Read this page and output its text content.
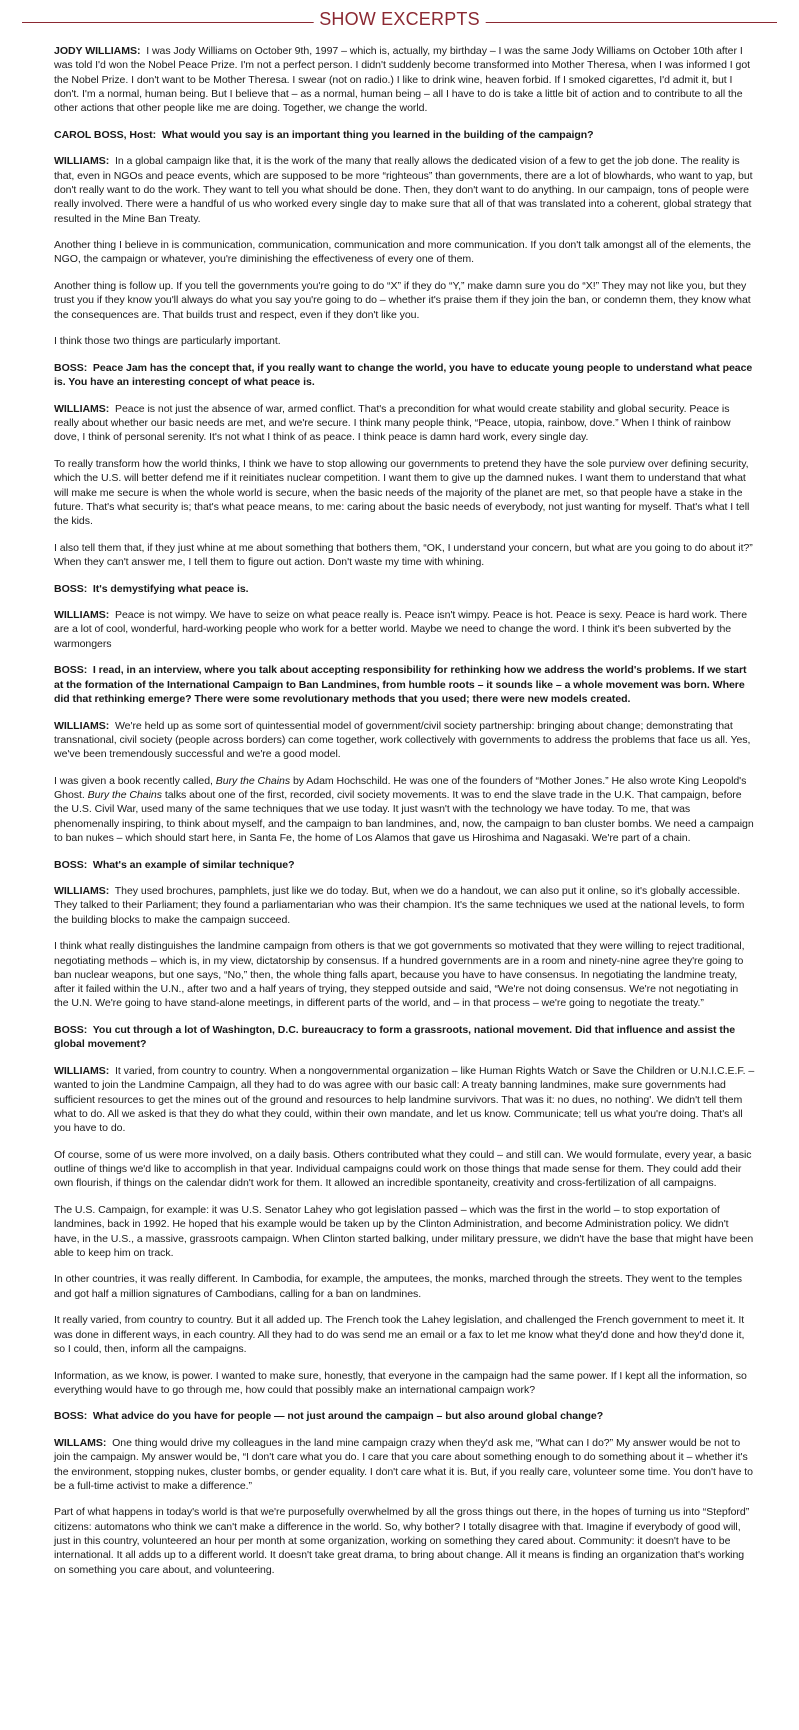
SHOW EXCERPTS

JODY WILLIAMS: I was Jody Williams on October 9th, 1997 – which is, actually, my birthday – I was the same Jody Williams on October 10th after I was told I'd won the Nobel Peace Prize. I'm not a perfect person. I didn't suddenly become transformed into Mother Theresa, when I was informed I got the Nobel Prize. I don't want to be Mother Theresa. I swear (not on radio.) I like to drink wine, heaven forbid. If I smoked cigarettes, I'd admit it, but I don't. I'm a normal, human being. But I believe that – as a normal, human being – all I have to do is take a little bit of action and to contribute to all the other actions that other people like me are doing. Together, we change the world.

CAROL BOSS, Host: What would you say is an important thing you learned in the building of the campaign?

WILLIAMS: In a global campaign like that, it is the work of the many that really allows the dedicated vision of a few to get the job done. The reality is that, even in NGOs and peace events, which are supposed to be more “righteous” than governments, there are a lot of blowhards, who want to yap, but don't really want to do the work. They want to tell you what should be done. Then, they don't want to do anything. In our campaign, tons of people were really involved. There were a handful of us who worked every single day to make sure that all of that was translated into a coherent, global strategy that resulted in the Mine Ban Treaty.

Another thing I believe in is communication, communication, communication and more communication. If you don't talk amongst all of the elements, the NGO, the campaign or whatever, you're diminishing the effectiveness of every one of them.

Another thing is follow up. If you tell the governments you're going to do “X” if they do “Y,” make damn sure you do “X!” They may not like you, but they trust you if they know you'll always do what you say you're going to do – whether it's praise them if they join the ban, or condemn them, they know what the consequences are. That builds trust and respect, even if they don't like you.

I think those two things are particularly important.

BOSS: Peace Jam has the concept that, if you really want to change the world, you have to educate young people to understand what peace is. You have an interesting concept of what peace is.

WILLIAMS: Peace is not just the absence of war, armed conflict. That's a precondition for what would create stability and global security. Peace is really about whether our basic needs are met, and we're secure. I think many people think, “Peace, utopia, rainbow, dove.” When I think of rainbow dove, I think of personal serenity. It's not what I think of as peace. I think peace is damn hard work, every single day.

To really transform how the world thinks, I think we have to stop allowing our governments to pretend they have the sole purview over defining security, which the U.S. will better defend me if it reinitiates nuclear competition. I want them to give up the damned nukes. I want them to understand that what will make me secure is when the whole world is secure, when the basic needs of the majority of the planet are met, so that people have a stake in the future. That's what security is; that's what peace means, to me: caring about the basic needs of everybody, not just wanting for myself. That's what I tell the kids.

I also tell them that, if they just whine at me about something that bothers them, “OK, I understand your concern, but what are you going to do about it?” When they can't answer me, I tell them to figure out action. Don't waste my time with whining.

BOSS: It's demystifying what peace is.

WILLIAMS: Peace is not wimpy. We have to seize on what peace really is. Peace isn't wimpy. Peace is hot. Peace is sexy. Peace is hard work. There are a lot of cool, wonderful, hard-working people who work for a better world. Maybe we need to change the word. I think it's been subverted by the warmongers

BOSS: I read, in an interview, where you talk about accepting responsibility for rethinking how we address the world's problems. If we start at the formation of the International Campaign to Ban Landmines, from humble roots – it sounds like – a whole movement was born. Where did that rethinking emerge? There were some revolutionary methods that you used; there were new models created.

WILLIAMS: We're held up as some sort of quintessential model of government/civil society partnership: bringing about change; demonstrating that transnational, civil society (people across borders) can come together, work collectively with governments to address the problems that face us all. Yes, we've been tremendously successful and we're a good model.

I was given a book recently called, Bury the Chains by Adam Hochschild. He was one of the founders of “Mother Jones.” He also wrote King Leopold's Ghost. Bury the Chains talks about one of the first, recorded, civil society movements. It was to end the slave trade in the U.K. That campaign, before the U.S. Civil War, used many of the same techniques that we use today. It just wasn't with the technology we have today. To me, that was phenomenally inspiring, to think about myself, and the campaign to ban landmines, and, now, the campaign to ban cluster bombs. We need a campaign to ban nukes – which should start here, in Santa Fe, the home of Los Alamos that gave us Hiroshima and Nagasaki. We're part of a chain.

BOSS: What's an example of similar technique?

WILLIAMS: They used brochures, pamphlets, just like we do today. But, when we do a handout, we can also put it online, so it's globally accessible. They talked to their Parliament; they found a parliamentarian who was their champion. It's the same techniques we used at the national levels, to form the building blocks to make the campaign succeed.

I think what really distinguishes the landmine campaign from others is that we got governments so motivated that they were willing to reject traditional, negotiating methods – which is, in my view, dictatorship by consensus. If a hundred governments are in a room and ninety-nine agree they're going to ban nuclear weapons, but one says, “No,” then, the whole thing falls apart, because you have to have consensus. In negotiating the landmine treaty, after it failed within the U.N., after two and a half years of trying, they stepped outside and said, “We're not doing consensus. We're not negotiating in the U.N. We're going to have stand-alone meetings, in different parts of the world, and – in that process – we're going to negotiate the treaty.”

BOSS: You cut through a lot of Washington, D.C. bureaucracy to form a grassroots, national movement. Did that influence and assist the global movement?

WILLIAMS: It varied, from country to country. When a nongovernmental organization – like Human Rights Watch or Save the Children or U.N.I.C.E.F. – wanted to join the Landmine Campaign, all they had to do was agree with our basic call: A treaty banning landmines, make sure governments had sufficient resources to get the mines out of the ground and resources to help landmine survivors. That was it: no dues, no nothing'. We didn't tell them what to do. All we asked is that they do what they could, within their own mandate, and let us know. Communicate; tell us what you're doing. That's all you have to do.

Of course, some of us were more involved, on a daily basis. Others contributed what they could – and still can. We would formulate, every year, a basic outline of things we'd like to accomplish in that year. Individual campaigns could work on those things that made sense for them. They could add their own flourish, if things on the calendar didn't work for them. It allowed an incredible spontaneity, creativity and cross-fertilization of all campaigns.

The U.S. Campaign, for example: it was U.S. Senator Lahey who got legislation passed – which was the first in the world – to stop exportation of landmines, back in 1992. He hoped that his example would be taken up by the Clinton Administration, and become Administration policy. We didn't have, in the U.S., a massive, grassroots campaign. When Clinton started balking, under military pressure, we didn't have the base that might have been able to keep him on track.

In other countries, it was really different. In Cambodia, for example, the amputees, the monks, marched through the streets. They went to the temples and got half a million signatures of Cambodians, calling for a ban on landmines.

It really varied, from country to country. But it all added up. The French took the Lahey legislation, and challenged the French government to meet it. It was done in different ways, in each country. All they had to do was send me an email or a fax to let me know what they'd done and how they'd done it, so I could, then, inform all the campaigns.

Information, as we know, is power. I wanted to make sure, honestly, that everyone in the campaign had the same power. If I kept all the information, so everything would have to go through me, how could that possibly make an international campaign work?

BOSS: What advice do you have for people — not just around the campaign – but also around global change?

WILLAMS: One thing would drive my colleagues in the land mine campaign crazy when they'd ask me, “What can I do?” My answer would be not to join the campaign. My answer would be, “I don't care what you do. I care that you care about something enough to do something about it – whether it's the environment, stopping nukes, cluster bombs, or gender equality. I don't care what it is. But, if you really care, volunteer some time. You don't have to be a full-time activist to make a difference.”

Part of what happens in today's world is that we're purposefully overwhelmed by all the gross things out there, in the hopes of turning us into “Stepford” citizens: automatons who think we can't make a difference in the world. So, why bother? I totally disagree with that. Imagine if everybody of good will, just in this country, volunteered an hour per month at some organization, working on something they cared about. Community: it doesn't have to be international. It all adds up to a different world. It doesn't take great drama, to bring about change. All it means is finding an organization that's working on something you care about, and volunteering.
